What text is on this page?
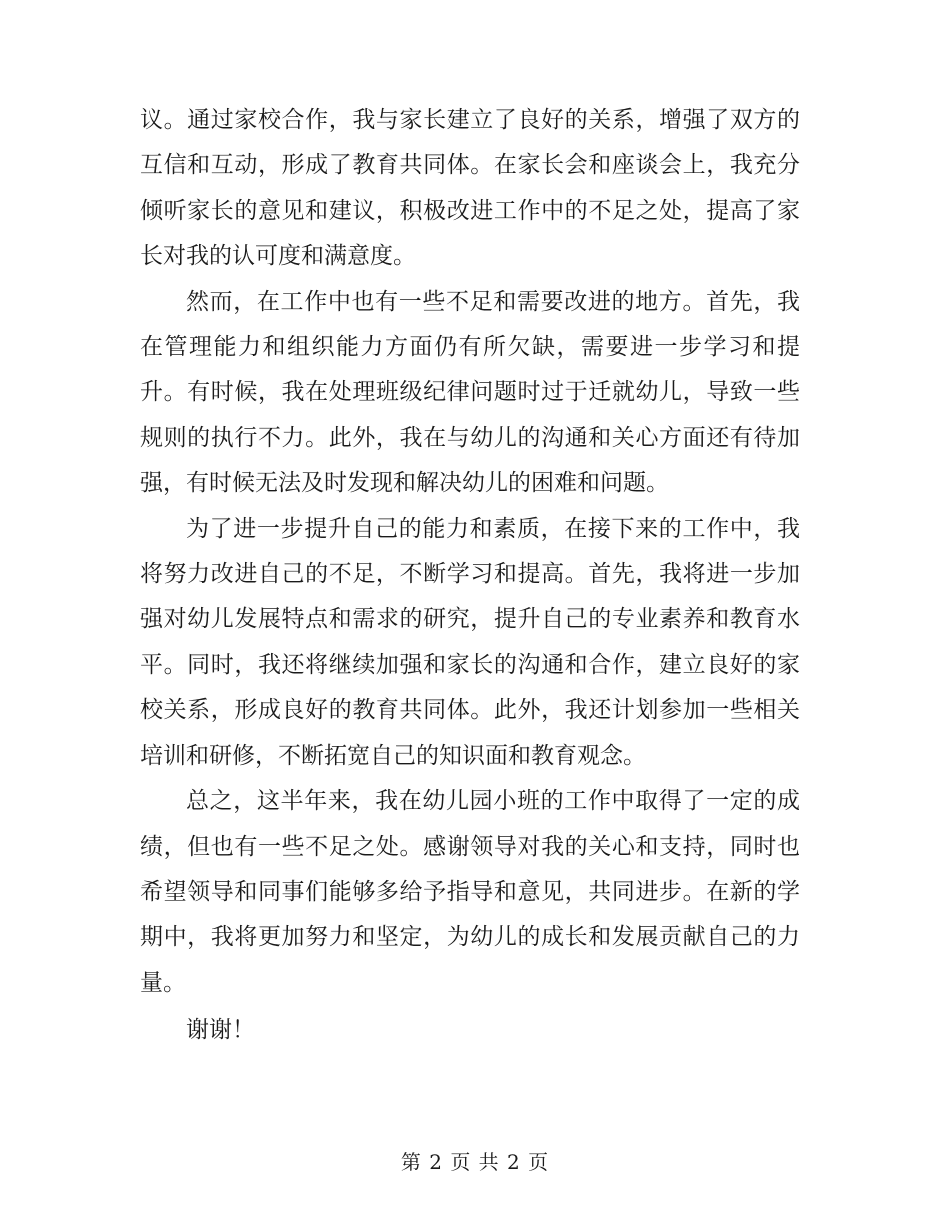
议。通过家校合作，我与家长建立了良好的关系，增强了双方的互信和互动，形成了教育共同体。在家长会和座谈会上，我充分倾听家长的意见和建议，积极改进工作中的不足之处，提高了家长对我的认可度和满意度。

然而，在工作中也有一些不足和需要改进的地方。首先，我在管理能力和组织能力方面仍有所欠缺，需要进一步学习和提升。有时候，我在处理班级纪律问题时过于迁就幼儿，导致一些规则的执行不力。此外，我在与幼儿的沟通和关心方面还有待加强，有时候无法及时发现和解决幼儿的困难和问题。

为了进一步提升自己的能力和素质，在接下来的工作中，我将努力改进自己的不足，不断学习和提高。首先，我将进一步加强对幼儿发展特点和需求的研究，提升自己的专业素养和教育水平。同时，我还将继续加强和家长的沟通和合作，建立良好的家校关系，形成良好的教育共同体。此外，我还计划参加一些相关培训和研修，不断拓宽自己的知识面和教育观念。

总之，这半年来，我在幼儿园小班的工作中取得了一定的成绩，但也有一些不足之处。感谢领导对我的关心和支持，同时也希望领导和同事们能够多给予指导和意见，共同进步。在新的学期中，我将更加努力和坚定，为幼儿的成长和发展贡献自己的力量。

谢谢！

第 2 页 共 2 页
